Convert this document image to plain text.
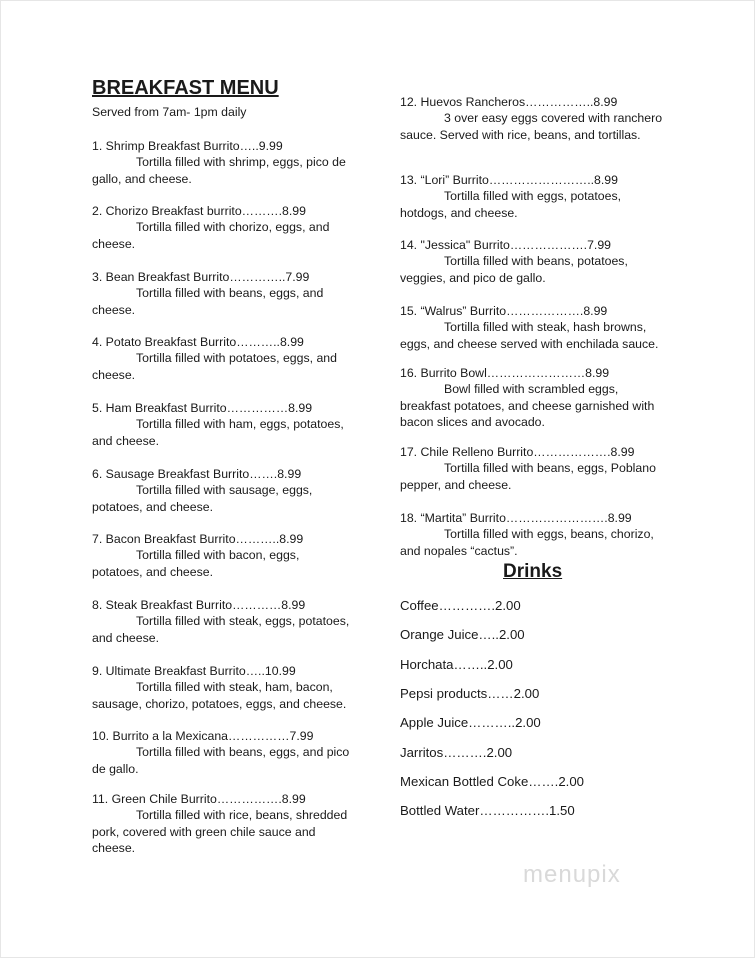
BREAKFAST MENU
Served from 7am- 1pm daily
1. Shrimp Breakfast Burrito…..9.99
Tortilla filled with shrimp, eggs, pico de
gallo, and cheese.
2. Chorizo Breakfast burrito……….8.99
Tortilla filled with chorizo, eggs, and
cheese.
3. Bean Breakfast Burrito…………..7.99
Tortilla filled with beans, eggs, and
cheese.
4. Potato Breakfast Burrito………..8.99
Tortilla filled with potatoes, eggs, and
cheese.
5. Ham Breakfast Burrito……………8.99
Tortilla filled with ham, eggs, potatoes,
and cheese.
6. Sausage Breakfast Burrito…….8.99
Tortilla filled with sausage, eggs,
potatoes, and cheese.
7. Bacon Breakfast Burrito………..8.99
Tortilla filled with bacon, eggs,
potatoes, and cheese.
8. Steak Breakfast Burrito…………8.99
Tortilla filled with steak, eggs, potatoes,
and cheese.
9. Ultimate Breakfast Burrito…..10.99
Tortilla filled with steak, ham, bacon,
sausage, chorizo, potatoes, eggs, and cheese.
10. Burrito a la Mexicana……………7.99
Tortilla filled with beans, eggs, and pico
de gallo.
11. Green Chile Burrito…………….8.99
Tortilla filled with rice, beans, shredded
pork, covered with green chile sauce and
cheese.
12. Huevos Rancheros……………..8.99
3 over easy eggs covered with ranchero
sauce. Served with rice, beans, and tortillas.
13. “Lori” Burrito……………………..8.99
Tortilla filled with eggs, potatoes,
hotdogs, and cheese.
14. "Jessica" Burrito……………….7.99
Tortilla filled with beans, potatoes,
veggies, and pico de gallo.
15. “Walrus” Burrito……………….8.99
Tortilla filled with steak, hash browns,
eggs, and cheese served with enchilada sauce.
16. Burrito Bowl……………………8.99
Bowl filled with scrambled eggs,
breakfast potatoes, and cheese garnished with
bacon slices and avocado.
17. Chile Relleno Burrito……………….8.99
Tortilla filled with beans, eggs, Poblano
pepper, and cheese.
18. “Martita” Burrito…………………….8.99
Tortilla filled with eggs, beans, chorizo,
and nopales “cactus”.
Drinks
Coffee………….2.00
Orange Juice…..2.00
Horchata……..2.00
Pepsi products……2.00
Apple Juice………..2.00
Jarritos……….2.00
Mexican Bottled Coke…….2.00
Bottled Water…………….1.50
menupix
